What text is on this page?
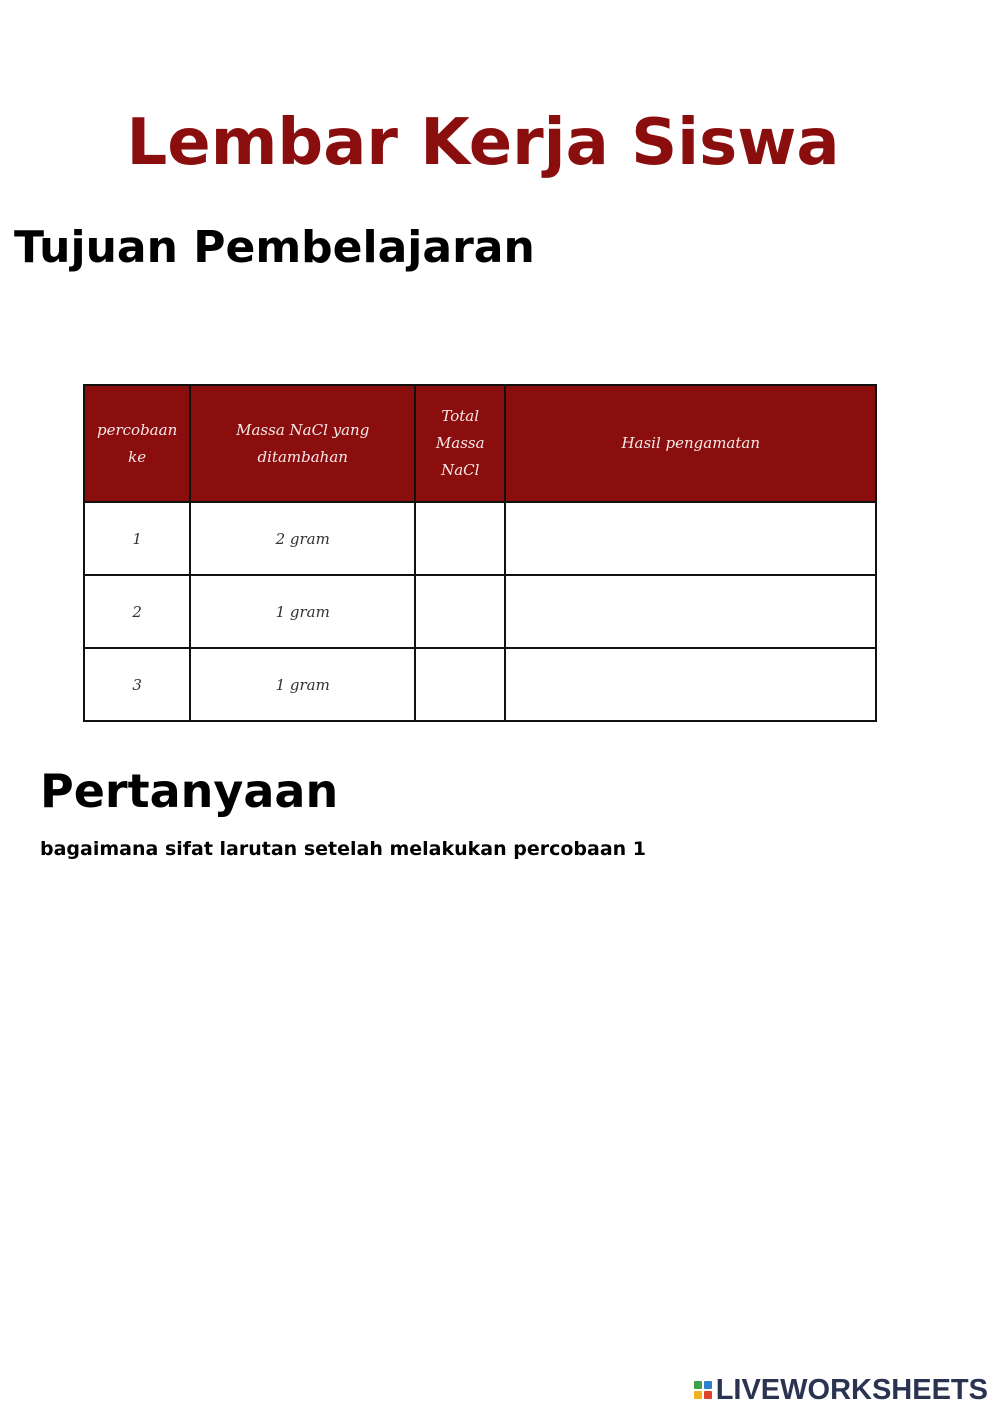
Lembar Kerja Siswa
Tujuan Pembelajaran
percobaan ke	Massa NaCl yang ditambahan	Total Massa NaCl	Hasil pengamatan
1	2 gram		
2	1 gram		
3	1 gram		
Pertanyaan
bagaimana sifat larutan setelah melakukan percobaan 1
LIVEWORKSHEETS
